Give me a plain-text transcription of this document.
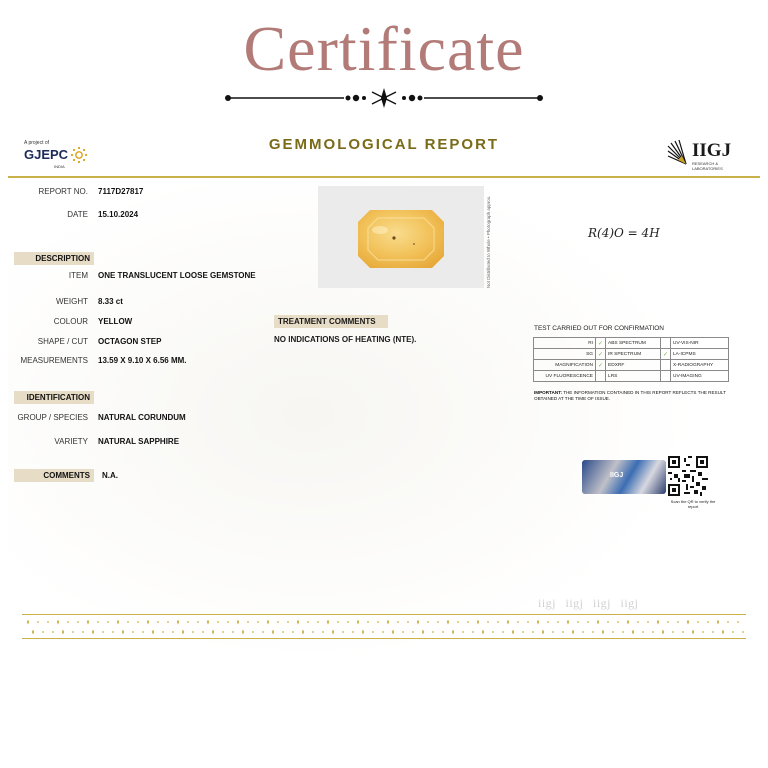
Certificate
A project of
GJEPC
INDIA
GEMMOLOGICAL REPORT	IIGJ
RESEARCH & LABORATORIES
REPORT NO. 7117D27817
DATE 15.10.2024
DESCRIPTION
ITEM ONE TRANSLUCENT LOOSE GEMSTONE
WEIGHT 8.33 ct
COLOUR YELLOW
SHAPE / CUT OCTAGON STEP
MEASUREMENTS 13.59 X 9.10 X 6.56 MM.
IDENTIFICATION
GROUP / SPECIES NATURAL CORUNDUM
VARIETY NATURAL SAPPHIRE
COMMENTS	N.A.
Not Distributed to Whole • Photograph approx.	R(4)O = 4H
TREATMENT COMMENTS
NO INDICATIONS OF HEATING (NTE).
TEST CARRIED OUT FOR CONFIRMATION
RI	✓	ABS SPECTRUM		UV-VIS-NIR
SG	✓	IR SPECTRUM	✓	LA-ICPMS
MAGNIFICATION	✓	EDXRF		X-RADIOGRAPHY
UV FLUORESCENCE		LRS		UV-IMAGING
IMPORTANT: THE INFORMATION CONTAINED IN THIS REPORT REFLECTS THE RESULT OBTAINED AT THE TIME OF ISSUE.
IIGJ
Scan the QR to verify the report
iigj iigj iigj iigj
